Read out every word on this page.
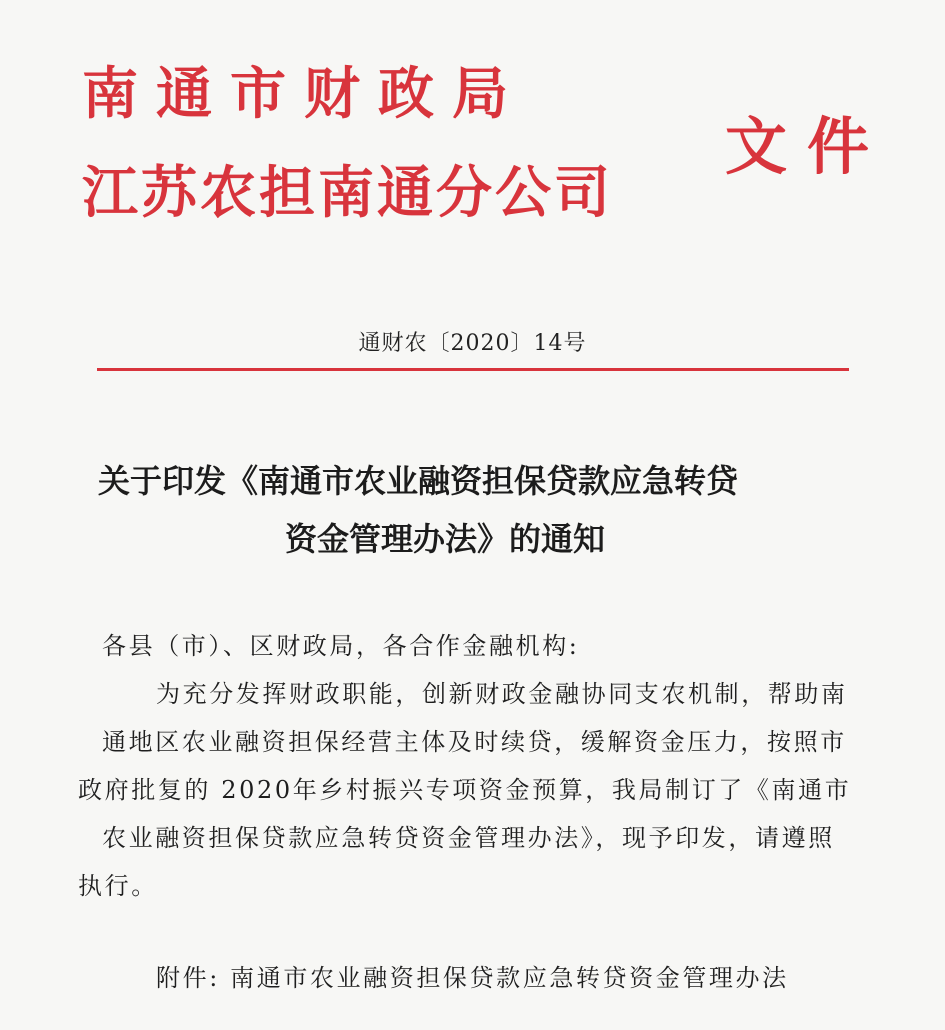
南通市财政局
江苏农担南通分公司
文件
通财农〔2020〕14号
关于印发《南通市农业融资担保贷款应急转贷
资金管理办法》的通知
各县（市）、区财政局，各合作金融机构:
为充分发挥财政职能，创新财政金融协同支农机制，帮助南
通地区农业融资担保经营主体及时续贷，缓解资金压力，按照市
政府批复的 2020年乡村振兴专项资金预算，我局制订了《南通市
农业融资担保贷款应急转贷资金管理办法》，现予印发，请遵照
执行。
附件: 南通市农业融资担保贷款应急转贷资金管理办法
